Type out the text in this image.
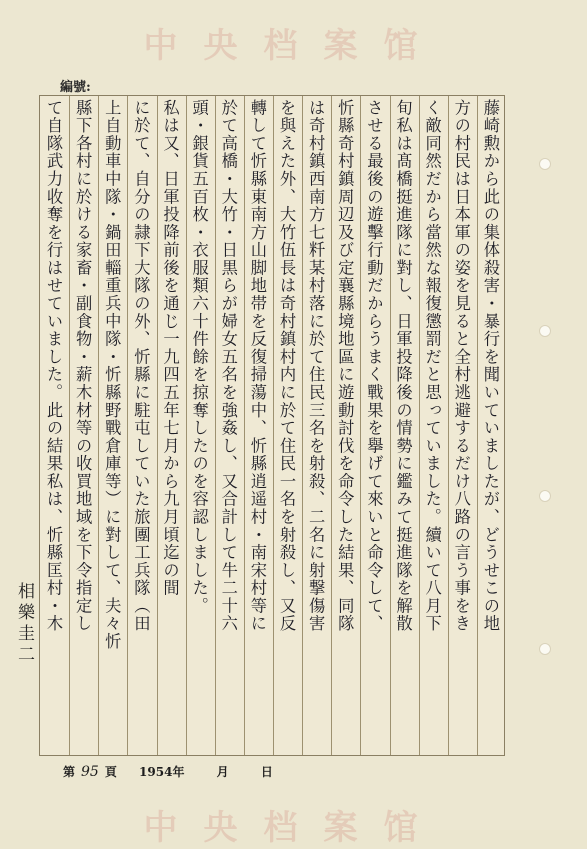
中央档案馆
中央档案馆
編號:
藤崎勲から此の集体殺害・暴行を聞いていましたが、どうせこの地
方の村民は日本軍の姿を見ると全村逃避するだけ八路の言う事をき
く敵同然だから當然な報復懲罰だと思っていました。續いて八月下
旬私は髙橋挺進隊に對し、日軍投降後の情勢に鑑みて挺進隊を解散
させる最後の遊擊行動だからうまく戰果を擧げて來いと命令して、
忻縣奇村鎮周辺及び定襄縣境地區に遊動討伐を命令した結果、同隊
は奇村鎮西南方七粁某村落に於て住民三名を射殺、二名に射撃傷害
を與えた外、大竹伍長は奇村鎮村内に於て住民一名を射殺し、又反
轉して忻縣東南方山脚地帯を反復掃蕩中、忻縣逍遥村・南宋村等に
於て高橋・大竹・日黒らが婦女五名を強姦し、又合計して牛二十六
頭・銀貨五百枚・衣服類六十件餘を掠奪したのを容認しました。
私は又、日軍投降前後を通じ一九四五年七月から九月頃迄の間
に於て、自分の隷下大隊の外、忻縣に駐屯していた旅團工兵隊（田
上自動車中隊・鍋田輜重兵中隊・忻縣野戰倉庫等）に對して、夫々忻
縣下各村に於ける家畜・副食物・薪木材等の收買地域を下令指定し
て自隊武力收奪を行はせていました。此の結果私は、忻縣匡村・木
相樂圭二
第 95 頁 1954年	月	日
